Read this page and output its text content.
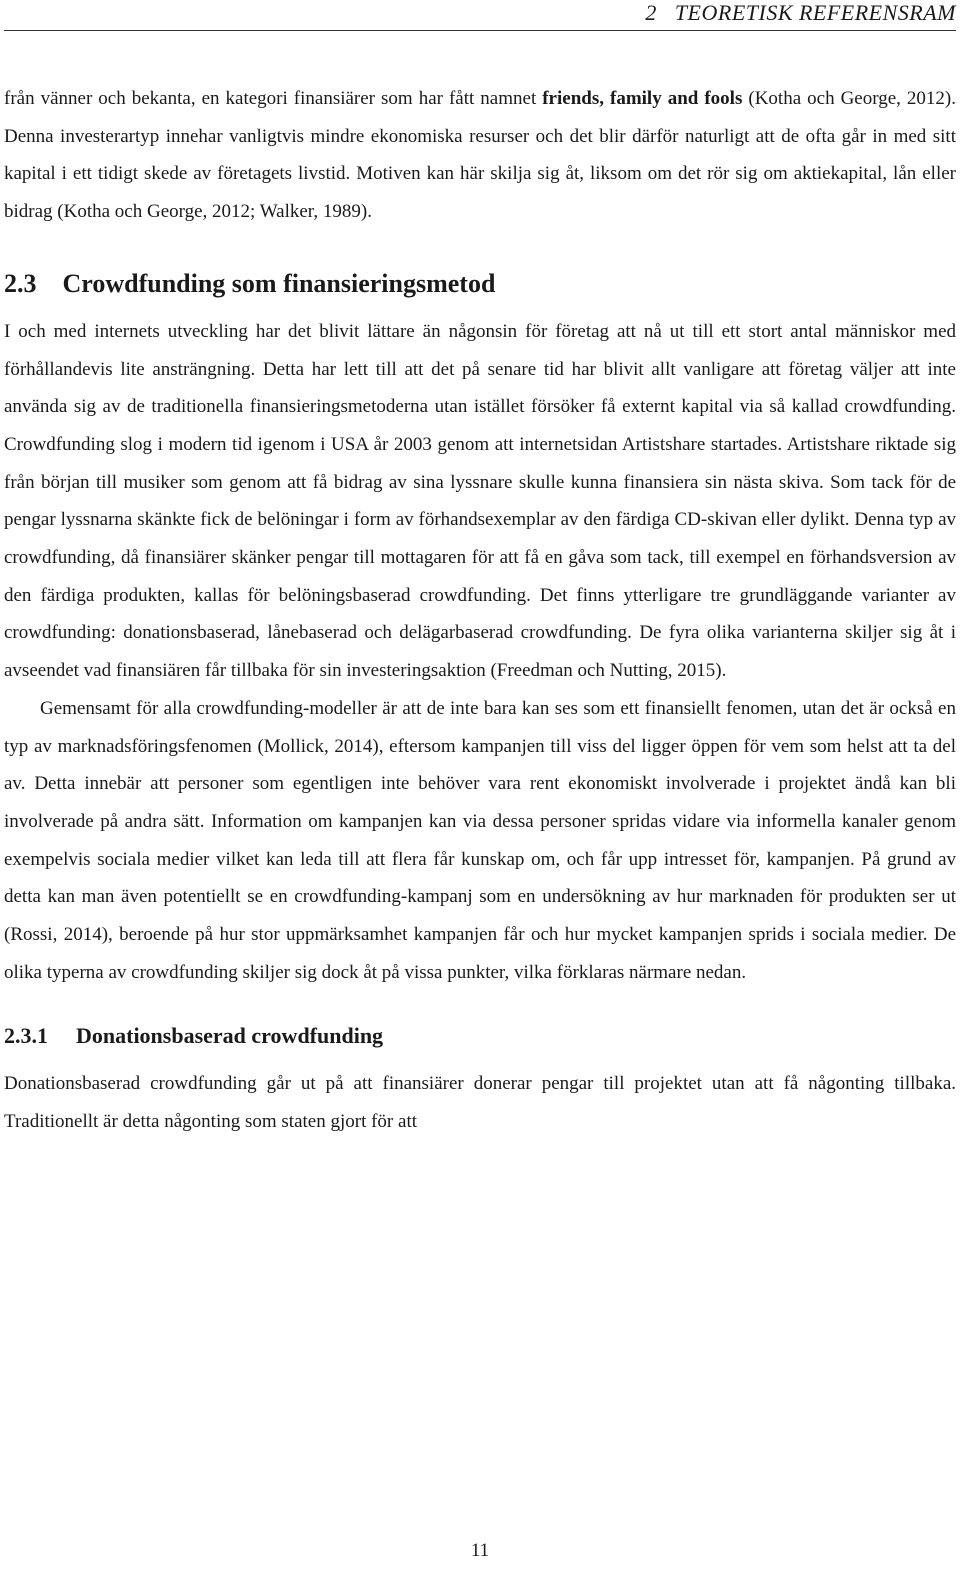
2   TEORETISK REFERENSRAM

från vänner och bekanta, en kategori finansiärer som har fått namnet friends, family and fools (Kotha och George, 2012). Denna investerartyp innehar vanligtvis mindre ekonomiska resurser och det blir därför naturligt att de ofta går in med sitt kapital i ett tidigt skede av företagets livstid. Motiven kan här skilja sig åt, liksom om det rör sig om aktiekapital, lån eller bidrag (Kotha och George, 2012; Walker, 1989).

2.3 Crowdfunding som finansieringsmetod

I och med internets utveckling har det blivit lättare än någonsin för företag att nå ut till ett stort antal människor med förhållandevis lite ansträngning. Detta har lett till att det på senare tid har blivit allt vanligare att företag väljer att inte använda sig av de traditionella finansieringsmetoderna utan istället försöker få externt kapital via så kallad crowdfunding. Crowdfunding slog i modern tid igenom i USA år 2003 genom att internetsidan Artistshare startades. Artistshare riktade sig från början till musiker som genom att få bidrag av sina lyssnare skulle kunna finansiera sin nästa skiva. Som tack för de pengar lyssnarna skänkte fick de belöningar i form av förhandsexemplar av den färdiga CD-skivan eller dylikt. Denna typ av crowdfunding, då finansiärer skänker pengar till mottagaren för att få en gåva som tack, till exempel en förhandsversion av den färdiga produkten, kallas för belöningsbaserad crowdfunding. Det finns ytterligare tre grundläggande varianter av crowdfunding: donationsbaserad, lånebaserad och delägarbaserad crowdfunding. De fyra olika varianterna skiljer sig åt i avseendet vad finansiären får tillbaka för sin investeringsaktion (Freedman och Nutting, 2015).

Gemensamt för alla crowdfunding-modeller är att de inte bara kan ses som ett finansiellt fenomen, utan det är också en typ av marknadsföringsfenomen (Mollick, 2014), eftersom kampanjen till viss del ligger öppen för vem som helst att ta del av. Detta innebär att personer som egentligen inte behöver vara rent ekonomiskt involverade i projektet ändå kan bli involverade på andra sätt. Information om kampanjen kan via dessa personer spridas vidare via informella kanaler genom exempelvis sociala medier vilket kan leda till att flera får kunskap om, och får upp intresset för, kampanjen. På grund av detta kan man även potentiellt se en crowdfunding-kampanj som en undersökning av hur marknaden för produkten ser ut (Rossi, 2014), beroende på hur stor uppmärksamhet kampanjen får och hur mycket kampanjen sprids i sociala medier. De olika typerna av crowdfunding skiljer sig dock åt på vissa punkter, vilka förklaras närmare nedan.

2.3.1 Donationsbaserad crowdfunding

Donationsbaserad crowdfunding går ut på att finansiärer donerar pengar till projektet utan att få någonting tillbaka. Traditionellt är detta någonting som staten gjort för att

11
